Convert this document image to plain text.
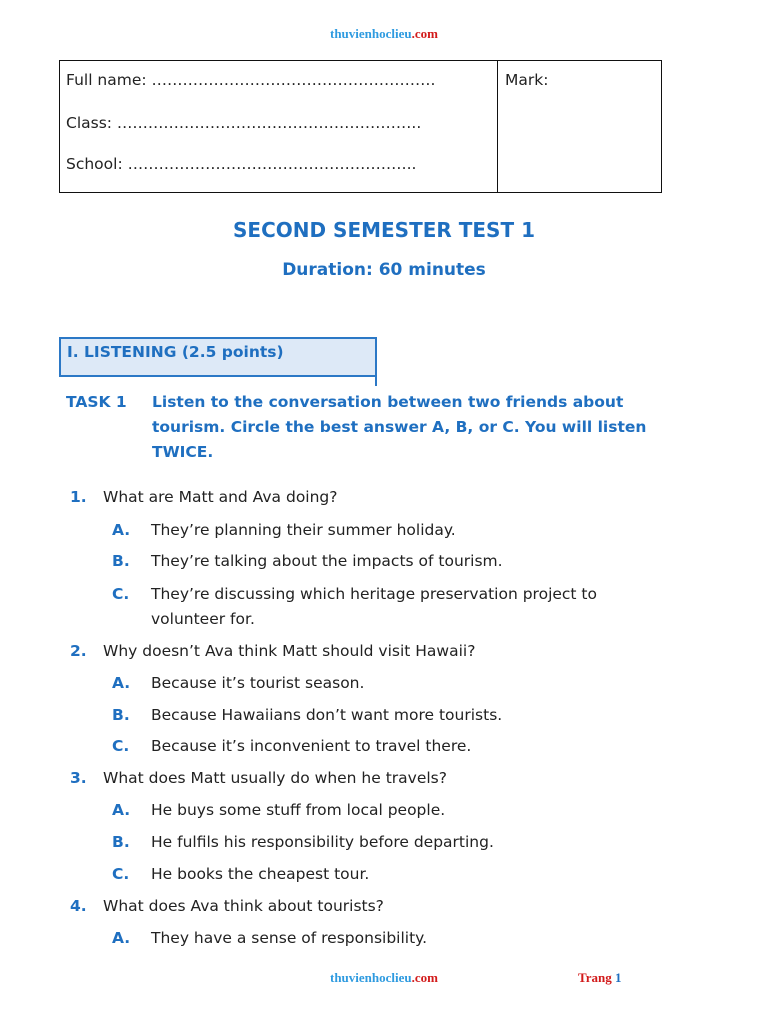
thuvienhoclieu.com
Full name: ……………………………………………….
Class: …………………………………………………..
School: ………………………………………………..
Mark:
SECOND SEMESTER TEST 1
Duration: 60 minutes
I. LISTENING (2.5 points)
TASK 1 Listen to the conversation between two friends about tourism. Circle the best answer A, B, or C. You will listen TWICE.
1. What are Matt and Ava doing?
A. They’re planning their summer holiday.
B. They’re talking about the impacts of tourism.
C. They’re discussing which heritage preservation project to volunteer for.
2. Why doesn’t Ava think Matt should visit Hawaii?
A. Because it’s tourist season.
B. Because Hawaiians don’t want more tourists.
C. Because it’s inconvenient to travel there.
3. What does Matt usually do when he travels?
A. He buys some stuff from local people.
B. He fulfils his responsibility before departing.
C. He books the cheapest tour.
4. What does Ava think about tourists?
A. They have a sense of responsibility.
thuvienhoclieu.com	Trang 1
